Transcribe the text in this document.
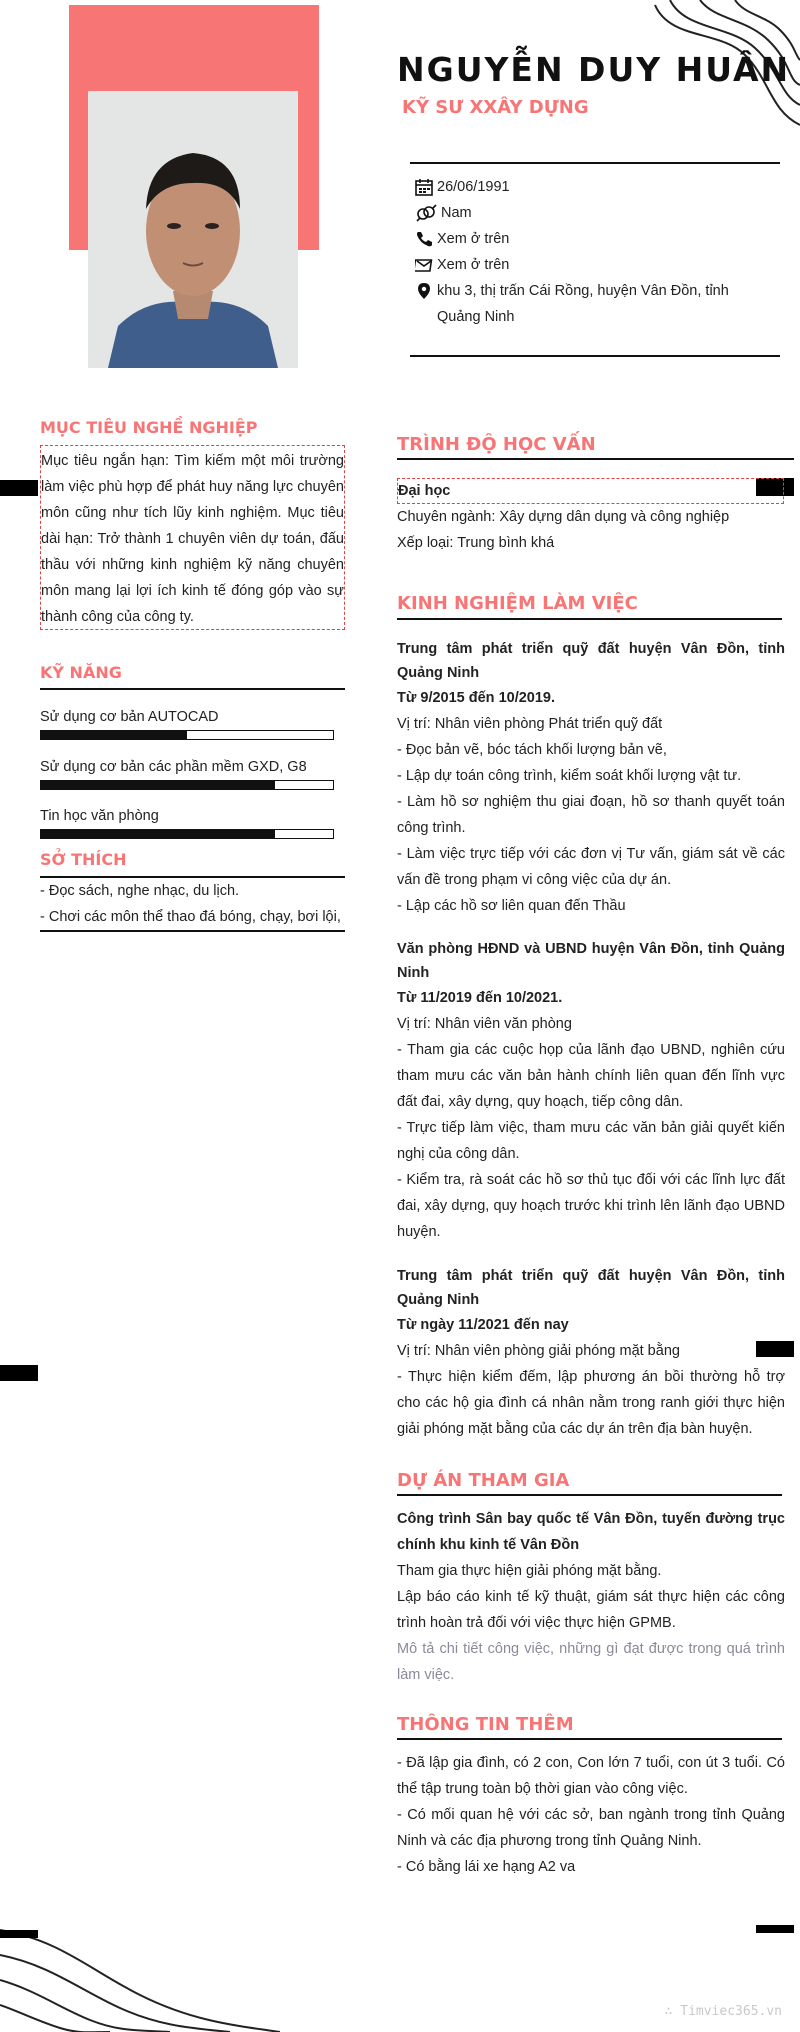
NGUYỄN DUY HUÂN
KỸ SƯ XXÂY DỰNG
26/06/1991
Nam
Xem ở trên
Xem ở trên
khu 3, thị trấn Cái Rồng, huyện Vân Đồn, tỉnh Quảng Ninh
MỤC TIÊU NGHỀ NGHIỆP
Mục tiêu ngắn hạn: Tìm kiếm một môi trường làm việc phù hợp để phát huy năng lực chuyên môn cũng như tích lũy kinh nghiệm. Mục tiêu dài hạn: Trở thành 1 chuyên viên dự toán, đấu thầu với những kinh nghiệm kỹ năng chuyên môn mang lại lợi ích kinh tế đóng góp vào sự thành công của công ty.
KỸ NĂNG
Sử dụng cơ bản AUTOCAD
Sử dụng cơ bản các phần mềm GXD, G8
Tin học văn phòng
SỞ THÍCH
- Đọc sách, nghe nhạc, du lịch.
- Chơi các môn thể thao đá bóng, chạy, bơi lội,
TRÌNH ĐỘ HỌC VẤN
Đại học
Chuyên ngành: Xây dựng dân dụng và công nghiệp
Xếp loại: Trung bình khá
KINH NGHIỆM LÀM VIỆC
Trung tâm phát triển quỹ đất huyện Vân Đồn, tỉnh Quảng Ninh
Từ 9/2015 đến 10/2019.
Vị trí: Nhân viên phòng Phát triển quỹ đất
- Đọc bản vẽ, bóc tách khối lượng bản vẽ,
- Lập dự toán công trình, kiểm soát khối lượng vật tư.
- Làm hồ sơ nghiệm thu giai đoạn, hồ sơ thanh quyết toán công trình.
- Làm việc trực tiếp với các đơn vị Tư vấn, giám sát về các vấn đề trong phạm vi công việc của dự án.
- Lập các hồ sơ liên quan đến Thầu
Văn phòng HĐND và UBND huyện Vân Đồn, tỉnh Quảng Ninh
Từ 11/2019 đến 10/2021.
Vị trí: Nhân viên văn phòng
- Tham gia các cuộc họp của lãnh đạo UBND, nghiên cứu tham mưu các văn bản hành chính liên quan đến lĩnh vực đất đai, xây dựng, quy hoạch, tiếp công dân.
- Trực tiếp làm việc, tham mưu các văn bản giải quyết kiến nghị của công dân.
- Kiểm tra, rà soát các hồ sơ thủ tục đối với các lĩnh lực đất đai, xây dựng, quy hoạch trước khi trình lên lãnh đạo UBND huyện.
Trung tâm phát triển quỹ đất huyện Vân Đồn, tỉnh Quảng Ninh
Từ ngày 11/2021 đến nay
Vị trí: Nhân viên phòng giải phóng mặt bằng
- Thực hiện kiểm đếm, lập phương án bồi thường hỗ trợ cho các hộ gia đình cá nhân nằm trong ranh giới thực hiện giải phóng mặt bằng của các dự án trên địa bàn huyện.
DỰ ÁN THAM GIA
Công trình Sân bay quốc tế Vân Đồn, tuyến đường trục chính khu kinh tế Vân Đồn
Tham gia thực hiện giải phóng mặt bằng.
Lập báo cáo kinh tế kỹ thuật, giám sát thực hiện các công trình hoàn trả đối với việc thực hiện GPMB.
Mô tả chi tiết công việc, những gì đạt được trong quá trình làm việc.
THÔNG TIN THÊM
- Đã lập gia đình, có 2 con, Con lớn 7 tuổi, con út 3 tuổi. Có thể tập trung toàn bộ thời gian vào công việc.
- Có mối quan hệ với các sở, ban ngành trong tỉnh Quảng Ninh và các địa phương trong tỉnh Quảng Ninh.
- Có bằng lái xe hạng A2 va
∴ Timviec365.vn
